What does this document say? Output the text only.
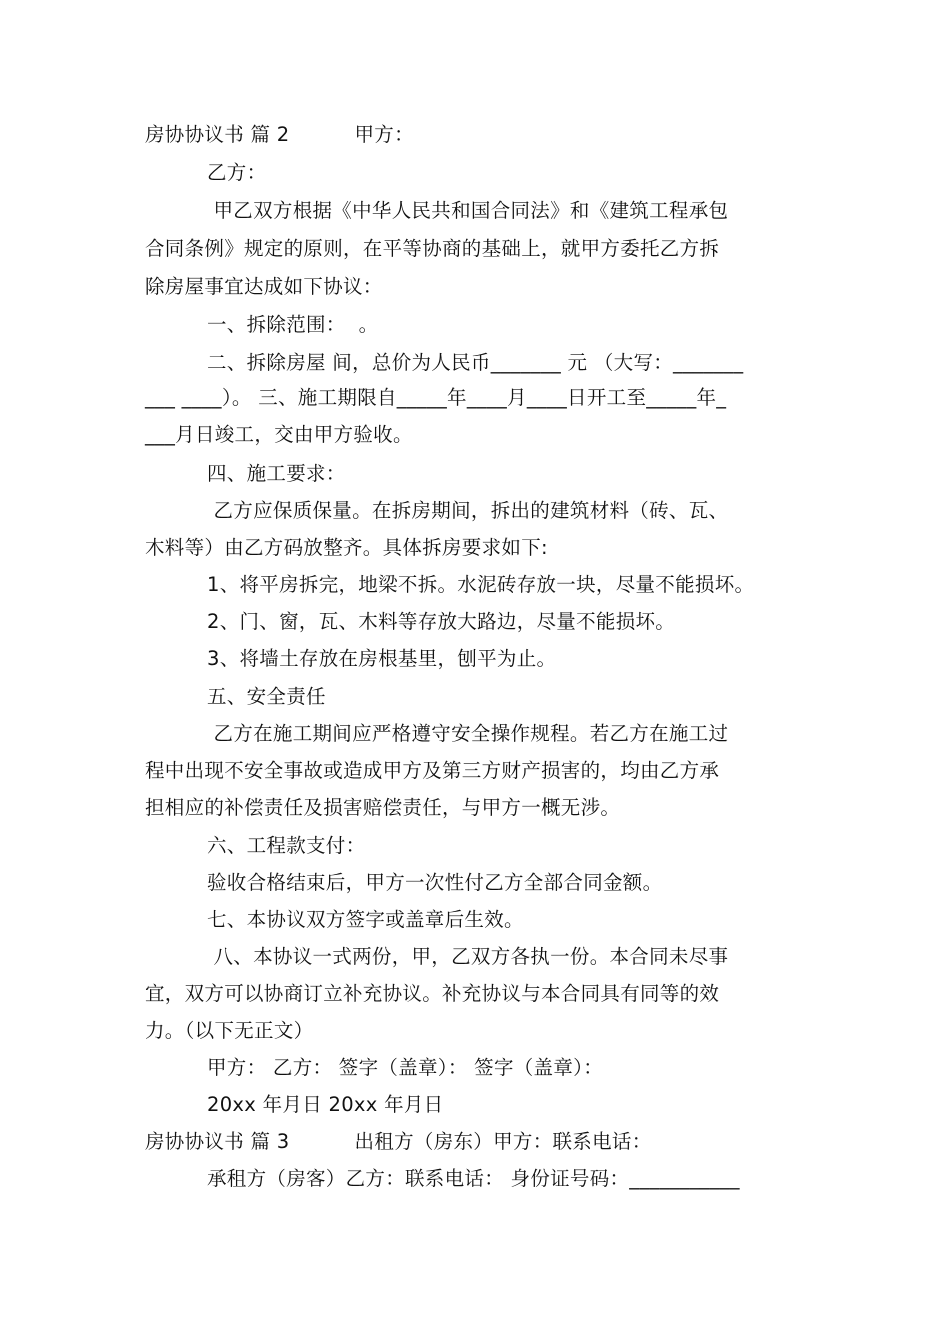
房协协议书 篇 2          甲方：
乙方：
甲乙双方根据《中华人民共和国合同法》和《建筑工程承包
合同条例》规定的原则，在平等协商的基础上，就甲方委托乙方拆
除房屋事宜达成如下协议：
一、拆除范围：  。
二、拆除房屋 间，总价为人民币_______ 元 （大写：_______
___ ____）。 三、施工期限自_____年____月____日开工至_____年_
___月日竣工，交由甲方验收。
四、施工要求：
乙方应保质保量。在拆房期间，拆出的建筑材料（砖、瓦、
木料等）由乙方码放整齐。具体拆房要求如下:
1、将平房拆完，地梁不拆。水泥砖存放一块，尽量不能损坏。
2、门、窗，瓦、木料等存放大路边，尽量不能损坏。
3、将墙土存放在房根基里，刨平为止。
五、安全责任
乙方在施工期间应严格遵守安全操作规程。若乙方在施工过
程中出现不安全事故或造成甲方及第三方财产损害的，均由乙方承
担相应的补偿责任及损害赔偿责任，与甲方一概无涉。
六、工程款支付：
验收合格结束后，甲方一次性付乙方全部合同金额。
七、本协议双方签字或盖章后生效。
八、本协议一式两份，甲，乙双方各执一份。本合同未尽事
宜，双方可以协商订立补充协议。补充协议与本合同具有同等的效
力。（以下无正文）
甲方： 乙方： 签字（盖章）： 签字（盖章）：
20xx 年月日 20xx 年月日
房协协议书 篇 3          出租方（房东）甲方：联系电话：
承租方（房客）乙方：联系电话： 身份证号码：___________
